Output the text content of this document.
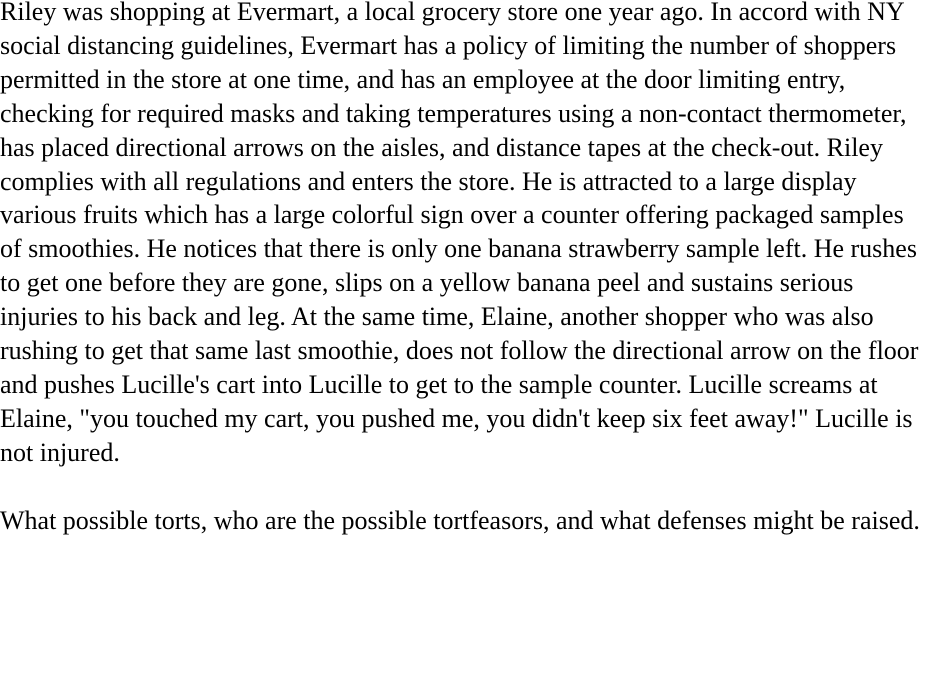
Riley was shopping at Evermart, a local grocery store one year ago. In accord with NY social distancing guidelines, Evermart has a policy of limiting the number of shoppers permitted in the store at one time, and has an employee at the door limiting entry, checking for required masks and taking temperatures using a non-contact thermometer, has placed directional arrows on the aisles, and distance tapes at the check-out. Riley complies with all regulations and enters the store. He is attracted to a large display various fruits which has a large colorful sign over a counter offering packaged samples of smoothies. He notices that there is only one banana strawberry sample left. He rushes to get one before they are gone, slips on a yellow banana peel and sustains serious injuries to his back and leg. At the same time, Elaine, another shopper who was also rushing to get that same last smoothie, does not follow the directional arrow on the floor and pushes Lucille's cart into Lucille to get to the sample counter. Lucille screams at Elaine, "you touched my cart, you pushed me, you didn't keep six feet away!" Lucille is not injured.

What possible torts, who are the possible tortfeasors, and what defenses might be raised.
